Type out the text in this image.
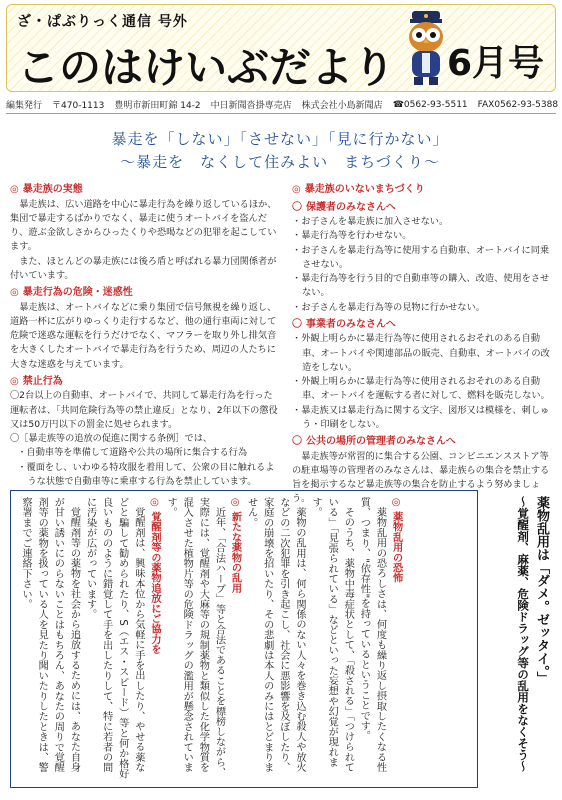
ざ・ぱぶりっく通信 号外
このはけいぶだより 6月号
編集発行 〒470-1113 豊明市新田町錦 14-2 中日新聞沓掛専売店 株式会社小島新聞店 ☎0562-93-5511 FAX0562-93-5388
暴走を「しない」「させない」「見に行かない」
～暴走を　なくして住みよい　まちづくり～
◎ 暴走族の実態
暴走族は、広い道路を中心に暴走行為を繰り返しているほか、集団で暴走するばかりでなく、暴走に使うオートバイを盗んだり、遊ぶ金欲しさからひったくりや恐喝などの犯罪を起こしています。
また、ほとんどの暴走族には後ろ盾と呼ばれる暴力団関係者が付いています。
◎ 暴走行為の危険・迷惑性
暴走族は、オートバイなどに乗り集団で信号無視を繰り返し、道路一杯に広がりゆっくり走行するなど、他の通行車両に対して危険で迷惑な運転を行うだけでなく、マフラーを取り外し排気音を大きくしたオートバイで暴走行為を行うため、周辺の人たちに大きな迷惑を与えています。
◎ 禁止行為
〇2台以上の自動車、オートバイで、共同して暴走行為を行った運転者は、「共同危険行為等の禁止違反」となり、2年以下の懲役又は50万円以下の罰金に処せられます。
〇［暴走族等の追放の促進に関する条例］では、
・ 自動車等を準備して道路や公共の場所に集合する行為
・ 覆面をし、いわゆる特攻服を着用して、公衆の目に触れるような状態で自動車等に乗車する行為を禁止しています。
◎ 暴走族のいないまちづくり
〇 保護者のみなさんへ
・ お子さんを暴走族に加入させない。
・ 暴走行為等を行わせない。
・ お子さんを暴走行為等に使用する自動車、オートバイに同乗させない。
・ 暴走行為等を行う目的で自動車等の購入、改造、使用をさせない。
・ お子さんを暴走行為等の見物に行かせない。
〇 事業者のみなさんへ
・ 外観上明らかに暴走行為等に使用されるおそれのある自動車、オートバイや関連部品の販売、自動車、オートバイの改造をしない。
・ 外観上明らかに暴走行為等に使用されるおそれのある自動車、オートバイを運転する者に対して、燃料を販売しない。
・ 暴走族又は暴走行為に関する文字、図形又は模様を、刺しゅう・印刷をしない。
〇 公共の場所の管理者のみなさんへ
暴走族等が常習的に集合する公園、コンビニエンスストア等の駐車場等の管理者のみなさんは、暴走族らの集合を禁止する旨を掲示するなど暴走族等の集合を防止するよう努めましょう。	◎ 薬物乱用の恐怖
薬物乱用の恐ろしさは、何度も繰り返し摂取したくなる性質、つまり、"依存性"を持っているということです。
そのうち、薬物中毒症状として、「殺される」「つけられている」「見張られている」などといった妄想や幻覚が現れます。
薬物の乱用は、何ら関係のない人々を巻き込む殺人や放火などの二次犯罪を引き起こし、社会に悪影響を及ぼしたり、家庭の崩壊を招いたり、その悲劇は本人のみにはとどまりません。
◎ 新たな薬物の乱用
近年、「合法ハーブ」等と合法であることを標榜しながら、実際には、覚醒剤や大麻等の規制薬物と類似した化学物質を混入させた植物片等の危険ドラッグの濫用が懸念されています。
◎ 覚醒剤等の薬物追放にご協力を
覚醒剤は、興味本位から気軽に手を出したり、やせる薬などと騙して勧められたり、S（エス・スピード）等と何か格好良いもののように錯覚して手を出したりして、特に若者の間に汚染が広がっています。
覚醒剤等の薬物を社会から追放するためには、あなた自身が甘い誘いにのらないことはもちろん、あなたの周りで覚醒剤等の薬物を扱っている人を見たり聞いたりしたときは、警察署までご連絡下さい。	薬物乱用は「ダメ。ゼッタイ。」
～覚醒剤、麻薬、危険ドラッグ等の乱用をなくそう～
